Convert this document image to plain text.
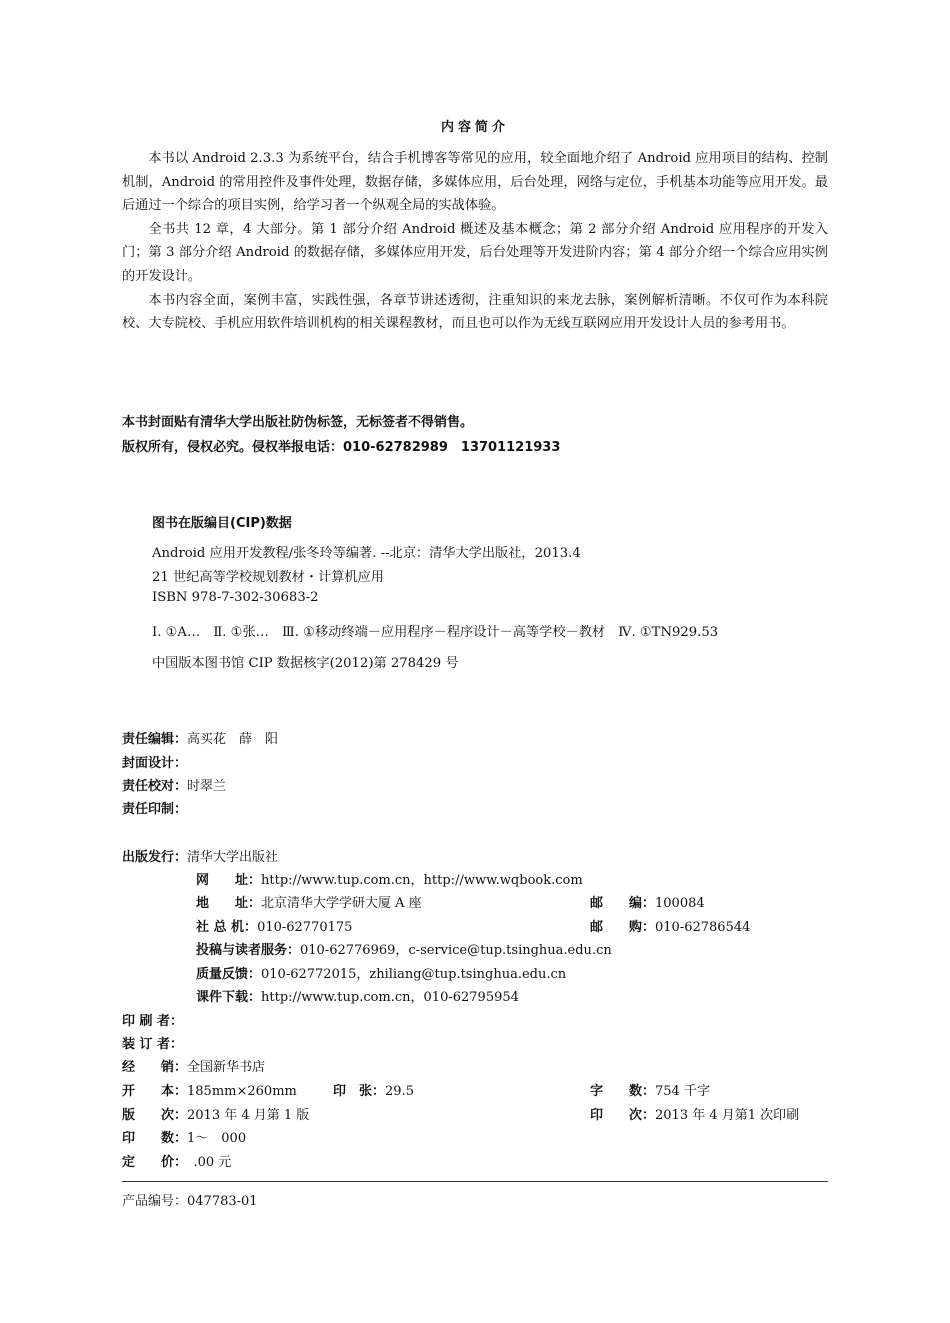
内容简介

本书以 Android 2.3.3 为系统平台，结合手机博客等常见的应用，较全面地介绍了 Android 应用项目的结构、控制机制，Android 的常用控件及事件处理，数据存储，多媒体应用，后台处理，网络与定位，手机基本功能等应用开发。最后通过一个综合的项目实例，给学习者一个纵观全局的实战体验。

全书共 12 章，4 大部分。第 1 部分介绍 Android 概述及基本概念；第 2 部分介绍 Android 应用程序的开发入门；第 3 部分介绍 Android 的数据存储，多媒体应用开发，后台处理等开发进阶内容；第 4 部分介绍一个综合应用实例的开发设计。

本书内容全面，案例丰富，实践性强，各章节讲述透彻，注重知识的来龙去脉，案例解析清晰。不仅可作为本科院校、大专院校、手机应用软件培训机构的相关课程教材，而且也可以作为无线互联网应用开发设计人员的参考用书。

本书封面贴有清华大学出版社防伪标签，无标签者不得销售。
版权所有，侵权必究。侵权举报电话：010-62782989　13701121933
图书在版编目(CIP)数据
Android 应用开发教程/张冬玲等编著. --北京：清华大学出版社，2013.4
21 世纪高等学校规划教材・计算机应用
ISBN 978-7-302-30683-2
Ⅰ. ①A…　Ⅱ. ①张…　Ⅲ. ①移动终端－应用程序－程序设计－高等学校－教材　Ⅳ. ①TN929.53
中国版本图书馆 CIP 数据核字(2012)第 278429 号
责任编辑：高买花　薛　阳
封面设计：
责任校对：时翠兰
责任印制：
出版发行：清华大学出版社
网　　址：http://www.tup.com.cn，http://www.wqbook.com
地　　址：北京清华大学学研大厦 A 座	邮　　编：100084
社 总 机：010-62770175	邮　　购：010-62786544
投稿与读者服务：010-62776969，c-service@tup.tsinghua.edu.cn
质量反馈：010-62772015，zhiliang@tup.tsinghua.edu.cn
课件下载：http://www.tup.com.cn，010-62795954
印 刷 者：
装 订 者：
经　　销：全国新华书店
开　　本：185mm×260mm	印　张：29.5	字　　数：754 千字
版　　次：2013 年 4 月第 1 版	印　　次：2013 年 4 月第1 次印刷
印　　数：1～　000
定　　价：　.00 元
产品编号：047783-01
